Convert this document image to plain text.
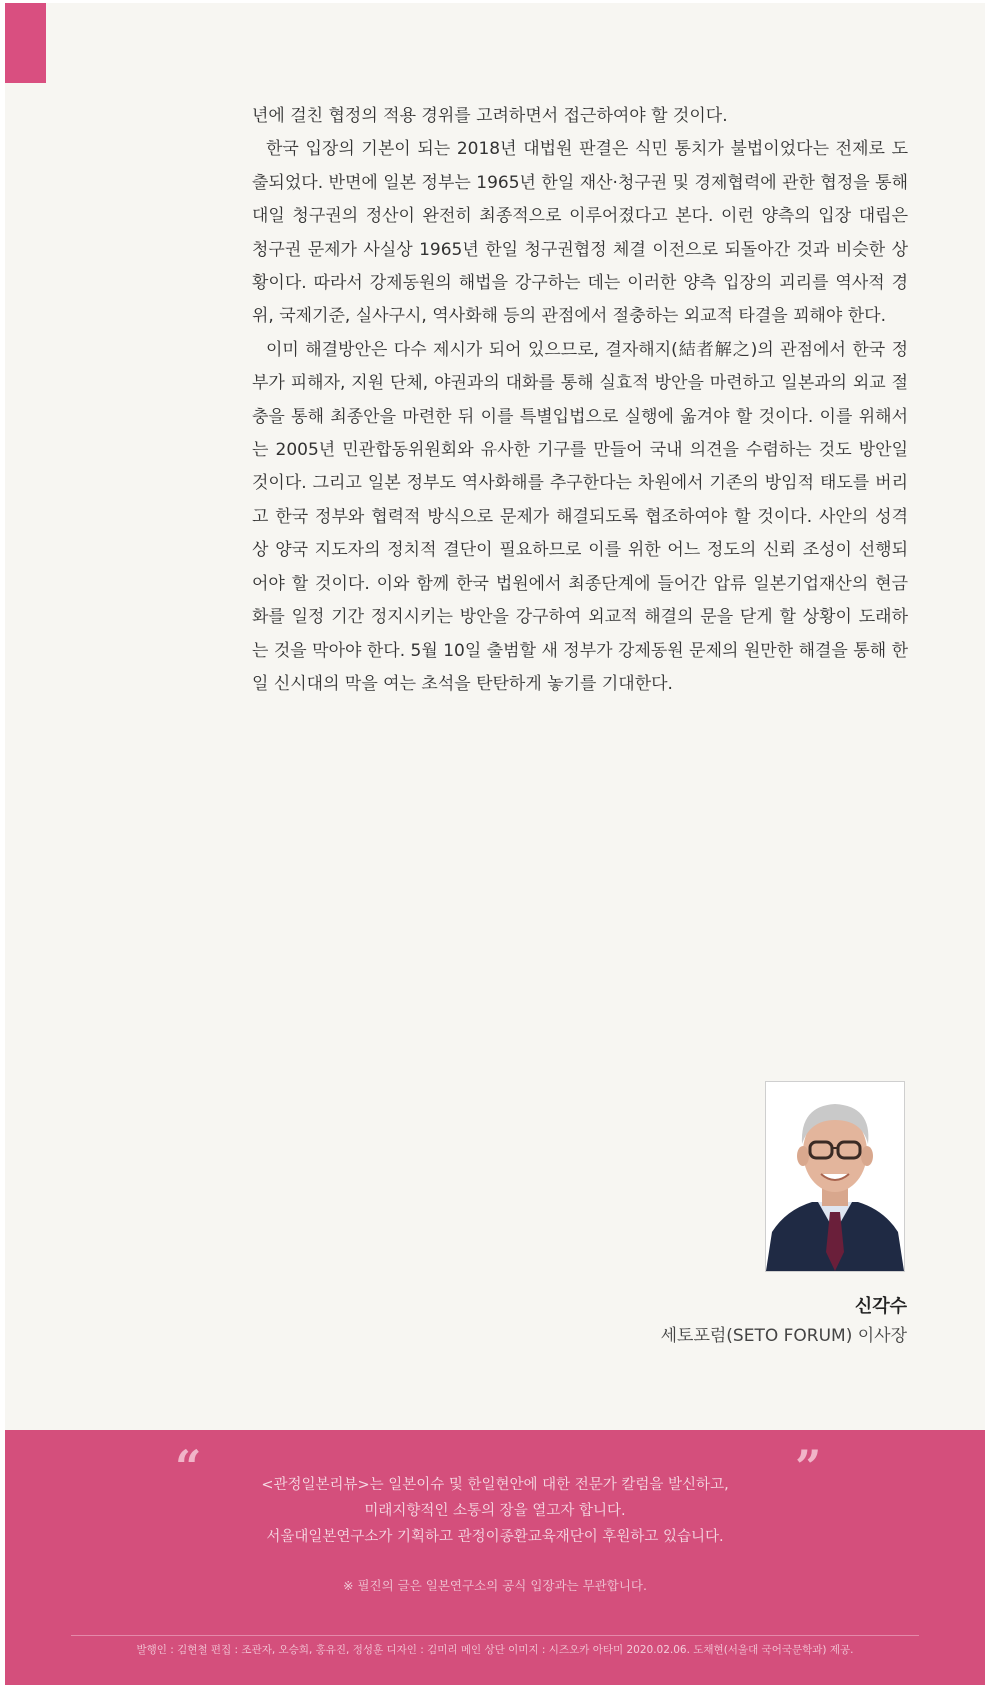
년에 걸친 협정의 적용 경위를 고려하면서 접근하여야 할 것이다.

한국 입장의 기본이 되는 2018년 대법원 판결은 식민 통치가 불법이었다는 전제로 도출되었다. 반면에 일본 정부는 1965년 한일 재산·청구권 및 경제협력에 관한 협정을 통해 대일 청구권의 정산이 완전히 최종적으로 이루어졌다고 본다. 이런 양측의 입장 대립은 청구권 문제가 사실상 1965년 한일 청구권협정 체결 이전으로 되돌아간 것과 비슷한 상황이다. 따라서 강제동원의 해법을 강구하는 데는 이러한 양측 입장의 괴리를 역사적 경위, 국제기준, 실사구시, 역사화해 등의 관점에서 절충하는 외교적 타결을 꾀해야 한다.

이미 해결방안은 다수 제시가 되어 있으므로, 결자해지(結者解之)의 관점에서 한국 정부가 피해자, 지원 단체, 야권과의 대화를 통해 실효적 방안을 마련하고 일본과의 외교 절충을 통해 최종안을 마련한 뒤 이를 특별입법으로 실행에 옮겨야 할 것이다. 이를 위해서는 2005년 민관합동위원회와 유사한 기구를 만들어 국내 의견을 수렴하는 것도 방안일 것이다. 그리고 일본 정부도 역사화해를 추구한다는 차원에서 기존의 방임적 태도를 버리고 한국 정부와 협력적 방식으로 문제가 해결되도록 협조하여야 할 것이다. 사안의 성격상 양국 지도자의 정치적 결단이 필요하므로 이를 위한 어느 정도의 신뢰 조성이 선행되어야 할 것이다. 이와 함께 한국 법원에서 최종단계에 들어간 압류 일본기업재산의 현금화를 일정 기간 정지시키는 방안을 강구하여 외교적 해결의 문을 닫게 할 상황이 도래하는 것을 막아야 한다. 5월 10일 출범할 새 정부가 강제동원 문제의 원만한 해결을 통해 한일 신시대의 막을 여는 초석을 탄탄하게 놓기를 기대한다.

신각수
세토포럼(SETO FORUM) 이사장
“	”
<관정일본리뷰>는 일본이슈 및 한일현안에 대한 전문가 칼럼을 발신하고,
미래지향적인 소통의 장을 열고자 합니다.
서울대일본연구소가 기획하고 관정이종환교육재단이 후원하고 있습니다.
※ 필진의 글은 일본연구소의 공식 입장과는 무관합니다.
발행인 : 김현철 편집 : 조관자, 오승희, 홍유진, 정성훈 디자인 : 김미리 메인 상단 이미지 : 시즈오카 아타미 2020.02.06. 도채현(서울대 국어국문학과) 제공.
